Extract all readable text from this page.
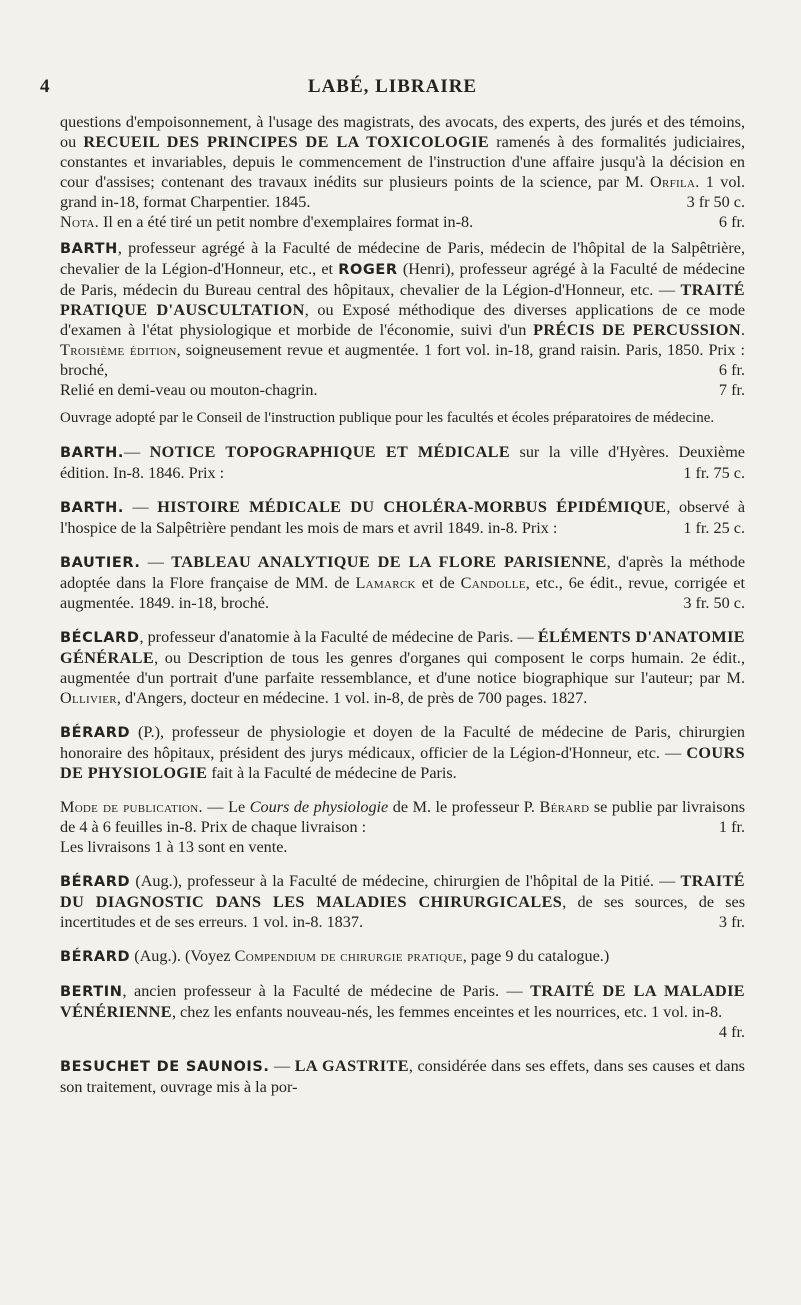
4	LABÉ, LIBRAIRE

questions d'empoisonnement, à l'usage des magistrats, des avocats, des experts, des jurés et des témoins, ou RECUEIL DES PRINCIPES DE LA TOXICOLOGIE ramenés à des formalités judiciaires, constantes et invariables, depuis le commencement de l'instruction d'une affaire jusqu'à la décision en cour d'assises; contenant des travaux inédits sur plusieurs points de la science, par M. Orfila. 1 vol. grand in-18, format Charpentier. 1845.	3 fr 50 c.

Nota. Il en a été tiré un petit nombre d'exemplaires format in-8.	6 fr.

BARTH, professeur agrégé à la Faculté de médecine de Paris, médecin de l'hôpital de la Salpêtrière, chevalier de la Légion-d'Honneur, etc., et ROGER (Henri), professeur agrégé à la Faculté de médecine de Paris, médecin du Bureau central des hôpitaux, chevalier de la Légion-d'Honneur, etc. — TRAITÉ PRATIQUE D'AUSCULTATION, ou Exposé méthodique des diverses applications de ce mode d'examen à l'état physiologique et morbide de l'économie, suivi d'un PRÉCIS DE PERCUSSION. Troisième édition, soigneusement revue et augmentée. 1 fort vol. in-18, grand raisin. Paris, 1850. Prix : broché,	6 fr.

Relié en demi-veau ou mouton-chagrin.	7 fr.

Ouvrage adopté par le Conseil de l'instruction publique pour les facultés et écoles préparatoires de médecine.

BARTH.— NOTICE TOPOGRAPHIQUE ET MÉDICALE sur la ville d'Hyères. Deuxième édition. In-8. 1846. Prix :	1 fr. 75 c.

BARTH. — HISTOIRE MÉDICALE DU CHOLÉRA-MORBUS ÉPIDÉMIQUE, observé à l'hospice de la Salpêtrière pendant les mois de mars et avril 1849. in-8. Prix :	1 fr. 25 c.

BAUTIER. — TABLEAU ANALYTIQUE DE LA FLORE PARISIENNE, d'après la méthode adoptée dans la Flore française de MM. de Lamarck et de Candolle, etc., 6e édit., revue, corrigée et augmentée. 1849. in-18, broché.	3 fr. 50 c.

BÉCLARD, professeur d'anatomie à la Faculté de médecine de Paris. — ÉLÉMENTS D'ANATOMIE GÉNÉRALE, ou Description de tous les genres d'organes qui composent le corps humain. 2e édit., augmentée d'un portrait d'une parfaite ressemblance, et d'une notice biographique sur l'auteur; par M. Ollivier, d'Angers, docteur en médecine. 1 vol. in-8, de près de 700 pages. 1827.

BÉRARD (P.), professeur de physiologie et doyen de la Faculté de médecine de Paris, chirurgien honoraire des hôpitaux, président des jurys médicaux, officier de la Légion-d'Honneur, etc. — COURS DE PHYSIOLOGIE fait à la Faculté de médecine de Paris.

Mode de publication. — Le Cours de physiologie de M. le professeur P. Bérard se publie par livraisons de 4 à 6 feuilles in-8. Prix de chaque livraison :	1 fr.

Les livraisons 1 à 13 sont en vente.

BÉRARD (Aug.), professeur à la Faculté de médecine, chirurgien de l'hôpital de la Pitié. — TRAITÉ DU DIAGNOSTIC DANS LES MALADIES CHIRURGICALES, de ses sources, de ses incertitudes et de ses erreurs. 1 vol. in-8. 1837.	3 fr.

BÉRARD (Aug.). (Voyez Compendium de chirurgie pratique, page 9 du catalogue.)

BERTIN, ancien professeur à la Faculté de médecine de Paris. — TRAITÉ DE LA MALADIE VÉNÉRIENNE, chez les enfants nouveau-nés, les femmes enceintes et les nourrices, etc. 1 vol. in-8.
4 fr.

BESUCHET DE SAUNOIS. — LA GASTRITE, considérée dans ses effets, dans ses causes et dans son traitement, ouvrage mis à la por-
